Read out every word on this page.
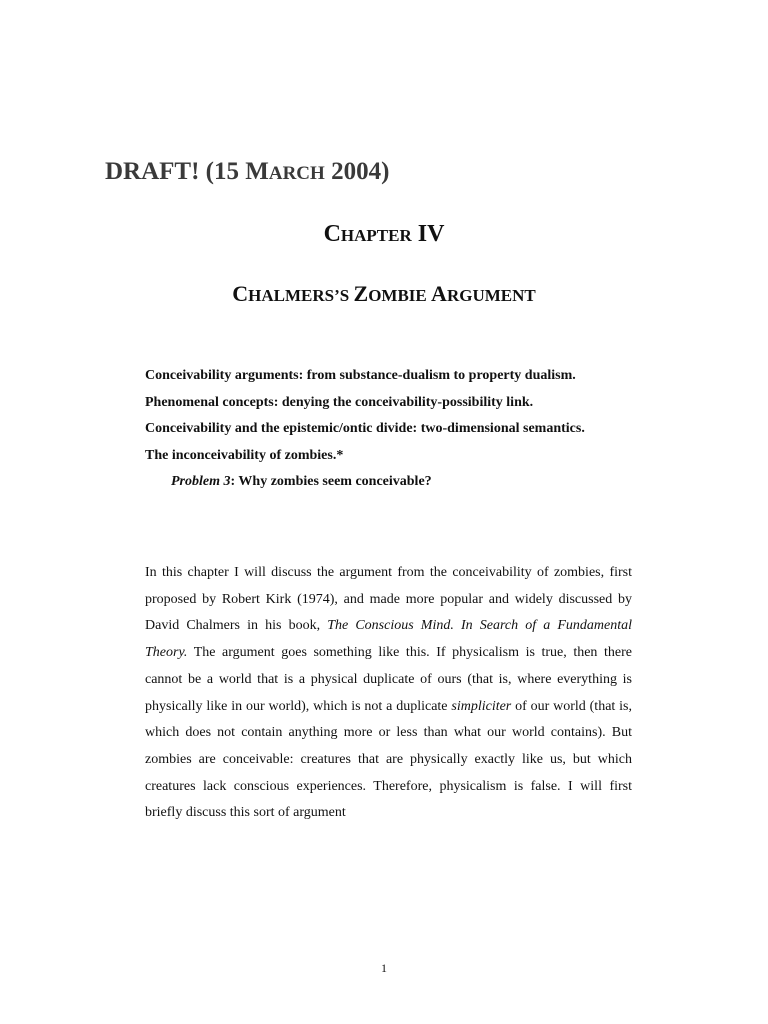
DRAFT! (15 MARCH 2004)
CHAPTER IV
CHALMERS’S ZOMBIE ARGUMENT
Conceivability arguments: from substance-dualism to property dualism.
Phenomenal concepts: denying the conceivability-possibility link.
Conceivability and the epistemic/ontic divide: two-dimensional semantics.
The inconceivability of zombies.*
Problem 3: Why zombies seem conceivable?

In this chapter I will discuss the argument from the conceivability of zombies, first proposed by Robert Kirk (1974), and made more popular and widely discussed by David Chalmers in his book, The Conscious Mind. In Search of a Fundamental Theory. The argument goes something like this. If physicalism is true, then there cannot be a world that is a physical duplicate of ours (that is, where everything is physically like in our world), which is not a duplicate simpliciter of our world (that is, which does not contain anything more or less than what our world contains). But zombies are conceivable: creatures that are physically exactly like us, but which creatures lack conscious experiences. Therefore, physicalism is false. I will first briefly discuss this sort of argument

1
